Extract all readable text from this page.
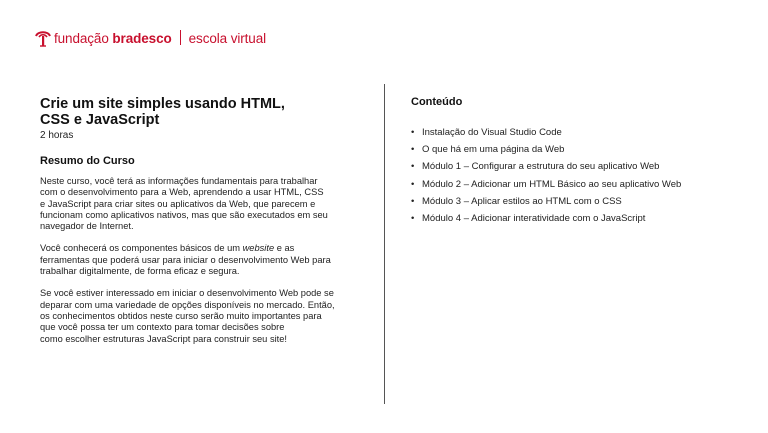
fundação bradesco escola virtual
Crie um site simples usando HTML,
CSS e JavaScript
2 horas
Resumo do Curso

Neste curso, você terá as informações fundamentais para trabalhar
com o desenvolvimento para a Web, aprendendo a usar HTML, CSS
e JavaScript para criar sites ou aplicativos da Web, que parecem e
funcionam como aplicativos nativos, mas que são executados em seu
navegador de Internet.

Você conhecerá os componentes básicos de um website e as
ferramentas que poderá usar para iniciar o desenvolvimento Web para
trabalhar digitalmente, de forma eficaz e segura.

Se você estiver interessado em iniciar o desenvolvimento Web pode se
deparar com uma variedade de opções disponíveis no mercado. Então,
os conhecimentos obtidos neste curso serão muito importantes para
que você possa ter um contexto para tomar decisões sobre
como escolher estruturas JavaScript para construir seu site!

Conteúdo
• Instalação do Visual Studio Code
• O que há em uma página da Web
• Módulo 1 – Configurar a estrutura do seu aplicativo Web
• Módulo 2 – Adicionar um HTML Básico ao seu aplicativo Web
• Módulo 3 – Aplicar estilos ao HTML com o CSS
• Módulo 4 – Adicionar interatividade com o JavaScript
